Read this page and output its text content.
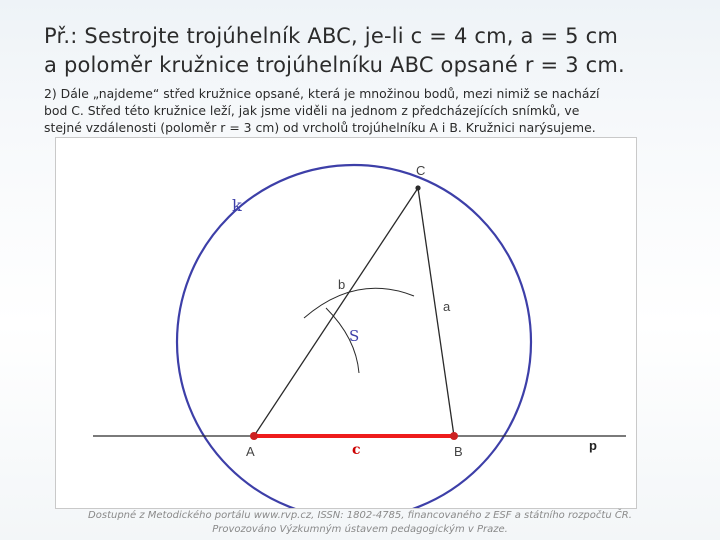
Př.: Sestrojte trojúhelník ABC, je-li c = 4 cm, a = 5 cm
a poloměr kružnice trojúhelníku ABC opsané r = 3 cm.
2) Dále „najdeme“ střed kružnice opsané, která je množinou bodů, mezi nimiž se nachází
bod C. Střed této kružnice leží, jak jsme viděli na jednom z předcházejících snímků, ve
stejné vzdálenosti (poloměr r = 3 cm) od vrcholů trojúhelníku A i B. Kružnici narýsujeme.
A	B
C
k
S
a
b
c	p
Dostupné z Metodického portálu www.rvp.cz, ISSN: 1802-4785, financovaného z ESF a státního rozpočtu ČR.
Provozováno Výzkumným ústavem pedagogickým v Praze.
